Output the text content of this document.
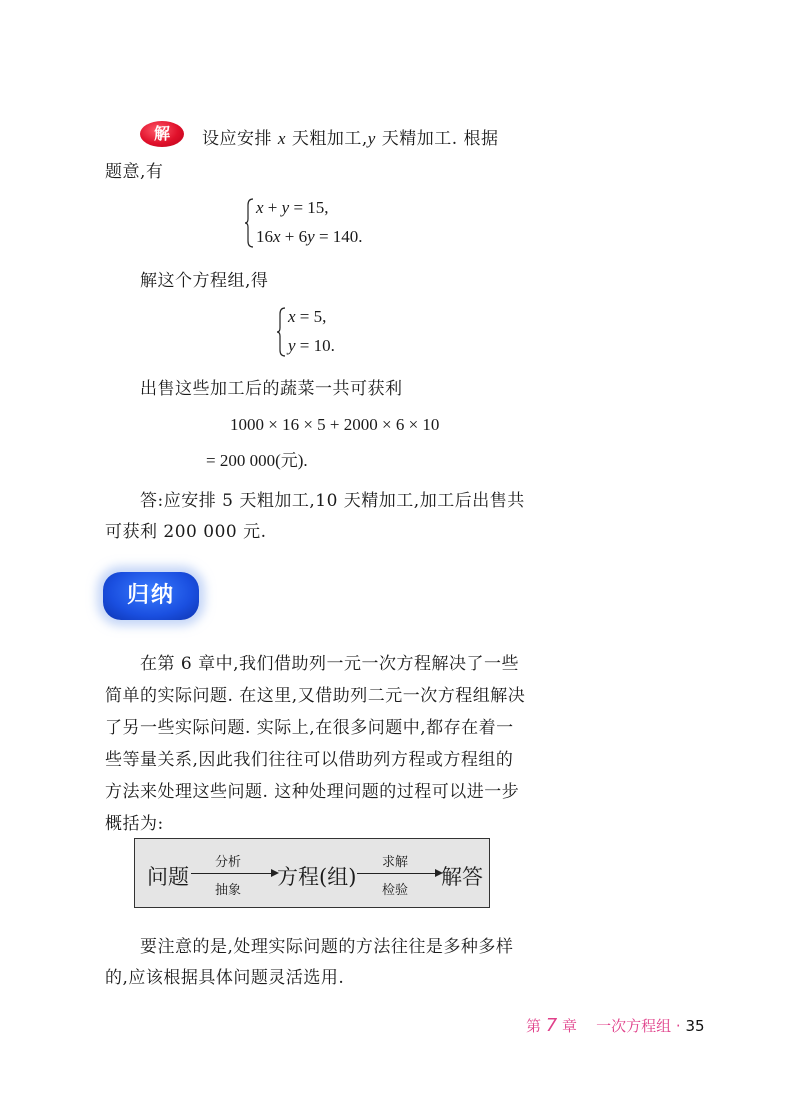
解	设应安排 x 天粗加工,y 天精加工. 根据
题意,有
x + y = 15,
16x + 6y = 140.
解这个方程组,得
x = 5,
y = 10.
出售这些加工后的蔬菜一共可获利
1000 × 16 × 5 + 2000 × 6 × 10
= 200 000(元).
答:应安排 5 天粗加工,10 天精加工,加工后出售共
可获利 200 000 元.
归纳
在第 6 章中,我们借助列一元一次方程解决了一些
简单的实际问题. 在这里,又借助列二元一次方程组解决
了另一些实际问题. 实际上,在很多问题中,都存在着一
些等量关系,因此我们往往可以借助列方程或方程组的
方法来处理这些问题. 这种处理问题的过程可以进一步
概括为:
问题
分析
抽象
方程(组)
求解
检验
解答
要注意的是,处理实际问题的方法往往是多种多样
的,应该根据具体问题灵活选用.
第 7 章 一次方程组 · 35
